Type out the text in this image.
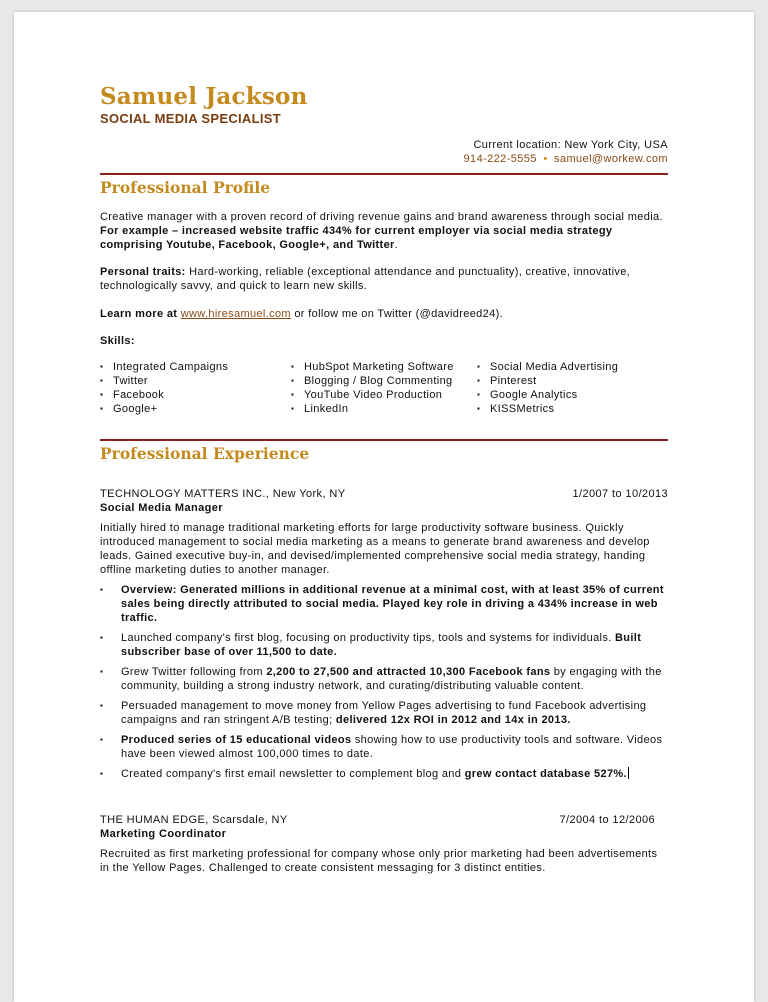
Samuel Jackson
SOCIAL MEDIA SPECIALIST
Current location: New York City, USA
914-222-5555 • samuel@workew.com
Professional Profile

Creative manager with a proven record of driving revenue gains and brand awareness through social media. For example – increased website traffic 434% for current employer via social media strategy comprising Youtube, Facebook, Google+, and Twitter.

Personal traits: Hard-working, reliable (exceptional attendance and punctuality), creative, innovative, technologically savvy, and quick to learn new skills.

Learn more at www.hiresamuel.com or follow me on Twitter (@davidreed24).

Skills:

▪ Integrated Campaigns
▪ Twitter
▪ Facebook
▪ Google+
▪ HubSpot Marketing Software
▪ Blogging / Blog Commenting
▪ YouTube Video Production
▪ LinkedIn
▪ Social Media Advertising
▪ Pinterest
▪ Google Analytics
▪ KISSMetrics
Professional Experience
TECHNOLOGY MATTERS INC., New York, NY	1/2007 to 10/2013
Social Media Manager

Initially hired to manage traditional marketing efforts for large productivity software business. Quickly introduced management to social media marketing as a means to generate brand awareness and develop leads. Gained executive buy-in, and devised/implemented comprehensive social media strategy, handing offline marketing duties to another manager.

▪ Overview: Generated millions in additional revenue at a minimal cost, with at least 35% of current sales being directly attributed to social media. Played key role in driving a 434% increase in web traffic.
▪ Launched company's first blog, focusing on productivity tips, tools and systems for individuals. Built subscriber base of over 11,500 to date.
▪ Grew Twitter following from 2,200 to 27,500 and attracted 10,300 Facebook fans by engaging with the community, building a strong industry network, and curating/distributing valuable content.
▪ Persuaded management to move money from Yellow Pages advertising to fund Facebook advertising campaigns and ran stringent A/B testing; delivered 12x ROI in 2012 and 14x in 2013.
▪ Produced series of 15 educational videos showing how to use productivity tools and software. Videos have been viewed almost 100,000 times to date.
▪ Created company's first email newsletter to complement blog and grew contact database 527%.
THE HUMAN EDGE, Scarsdale, NY	7/2004 to 12/2006
Marketing Coordinator

Recruited as first marketing professional for company whose only prior marketing had been advertisements in the Yellow Pages. Challenged to create consistent messaging for 3 distinct entities.
